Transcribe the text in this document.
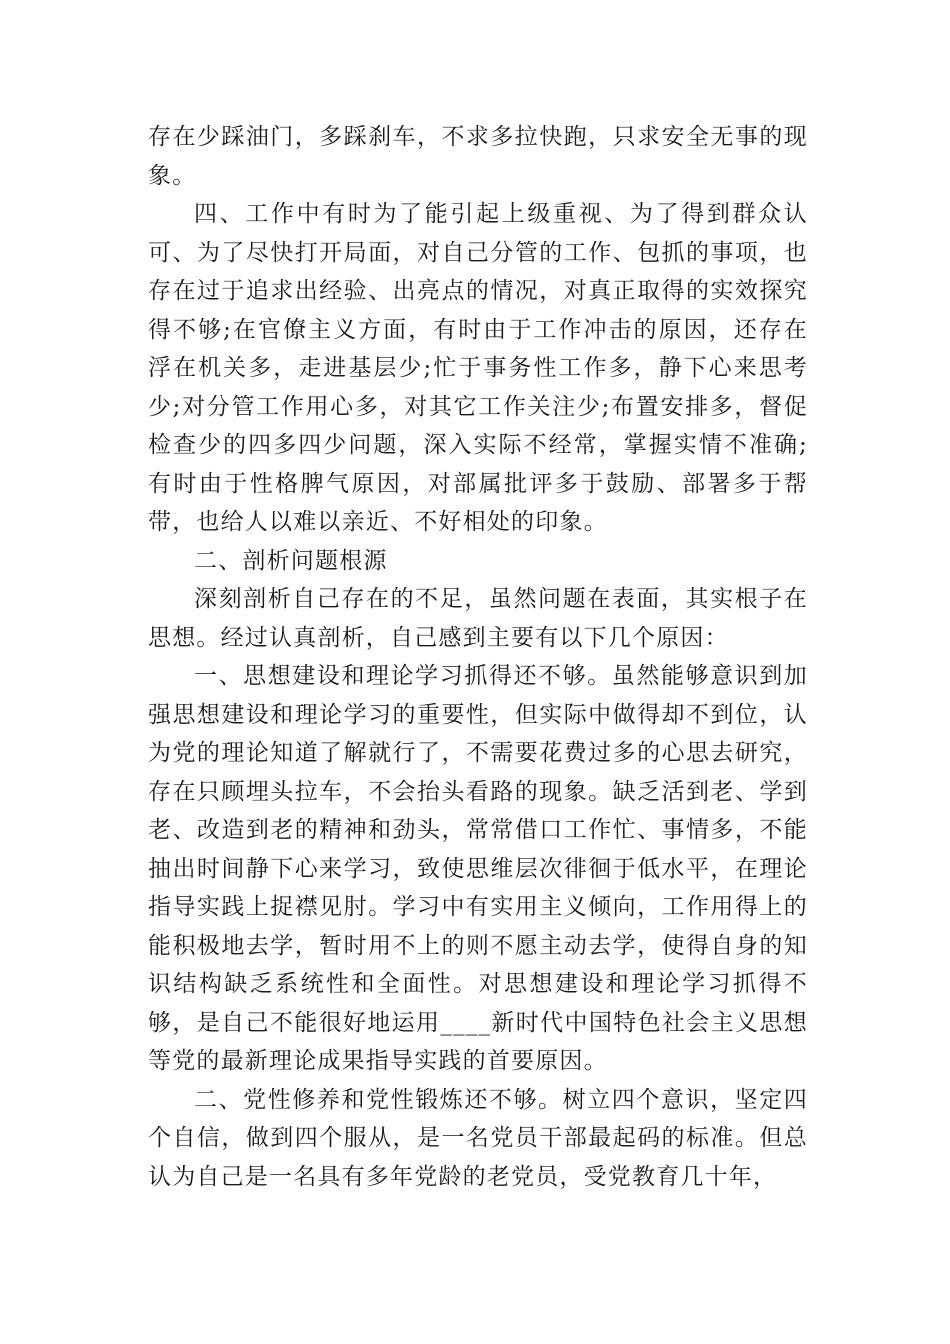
存在少踩油门，多踩刹车，不求多拉快跑，只求安全无事的现象。

四、工作中有时为了能引起上级重视、为了得到群众认可、为了尽快打开局面，对自己分管的工作、包抓的事项，也存在过于追求出经验、出亮点的情况，对真正取得的实效探究得不够;在官僚主义方面，有时由于工作冲击的原因，还存在浮在机关多，走进基层少;忙于事务性工作多，静下心来思考少;对分管工作用心多，对其它工作关注少;布置安排多，督促检查少的四多四少问题，深入实际不经常，掌握实情不准确;有时由于性格脾气原因，对部属批评多于鼓励、部署多于帮带，也给人以难以亲近、不好相处的印象。

二、剖析问题根源

深刻剖析自己存在的不足，虽然问题在表面，其实根子在思想。经过认真剖析，自己感到主要有以下几个原因：

一、思想建设和理论学习抓得还不够。虽然能够意识到加强思想建设和理论学习的重要性，但实际中做得却不到位，认为党的理论知道了解就行了，不需要花费过多的心思去研究，存在只顾埋头拉车，不会抬头看路的现象。缺乏活到老、学到老、改造到老的精神和劲头，常常借口工作忙、事情多，不能抽出时间静下心来学习，致使思维层次徘徊于低水平，在理论指导实践上捉襟见肘。学习中有实用主义倾向，工作用得上的能积极地去学，暂时用不上的则不愿主动去学，使得自身的知识结构缺乏系统性和全面性。对思想建设和理论学习抓得不够，是自己不能很好地运用____新时代中国特色社会主义思想等党的最新理论成果指导实践的首要原因。

二、党性修养和党性锻炼还不够。树立四个意识，坚定四个自信，做到四个服从，是一名党员干部最起码的标准。但总认为自己是一名具有多年党龄的老党员，受党教育几十年，
